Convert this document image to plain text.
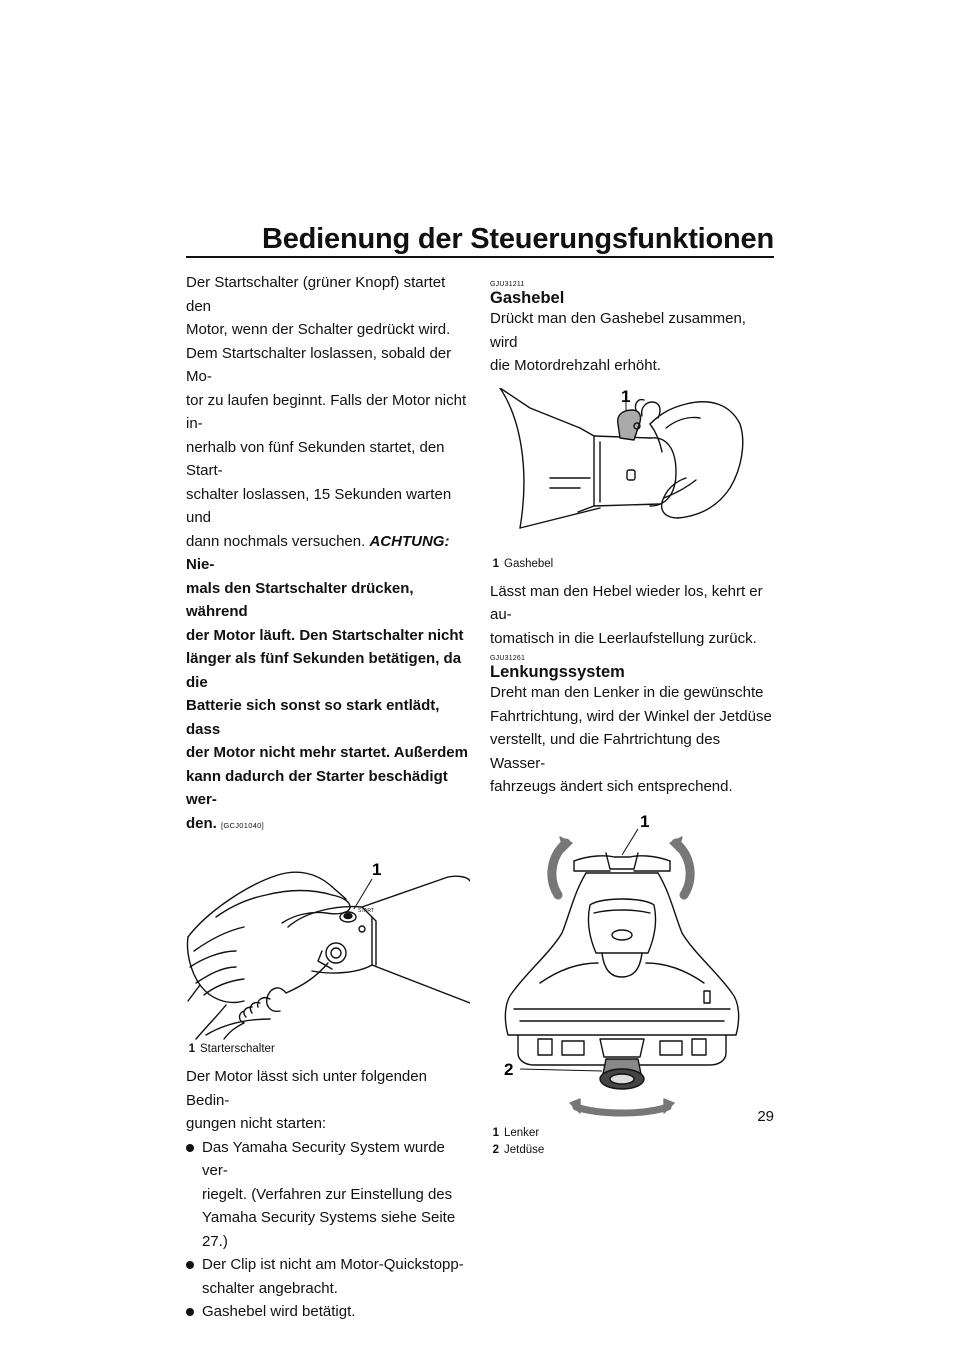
Bedienung der Steuerungsfunktionen

Der Startschalter (grüner Knopf) startet den

Motor, wenn der Schalter gedrückt wird.

Dem Startschalter loslassen, sobald der Mo-

tor zu laufen beginnt. Falls der Motor nicht in-

nerhalb von fünf Sekunden startet, den Start-

schalter loslassen, 15 Sekunden warten und

dann nochmals versuchen. ACHTUNG: Nie-

mals den Startschalter drücken, während

der Motor läuft. Den Startschalter nicht

länger als fünf Sekunden betätigen, da die

Batterie sich sonst so stark entlädt, dass

der Motor nicht mehr startet. Außerdem

kann dadurch der Starter beschädigt wer-

den. [GCJ01040]

START
1
1 Starterschalter

Der Motor lässt sich unter folgenden Bedin-

gungen nicht starten:

Das Yamaha Security System wurde ver-

riegelt. (Verfahren zur Einstellung des

Yamaha Security Systems siehe Seite 27.)

Der Clip ist nicht am Motor-Quickstopp-

schalter angebracht.

Gashebel wird betätigt.

GJU31211
Gashebel

Drückt man den Gashebel zusammen, wird

die Motordrehzahl erhöht.

1
1 Gashebel

Lässt man den Hebel wieder los, kehrt er au-

tomatisch in die Leerlaufstellung zurück.

GJU31261
Lenkungssystem

Dreht man den Lenker in die gewünschte

Fahrtrichtung, wird der Winkel der Jetdüse

verstellt, und die Fahrtrichtung des Wasser-

fahrzeugs ändert sich entsprechend.

1
2
1 Lenker
2 Jetdüse
29
